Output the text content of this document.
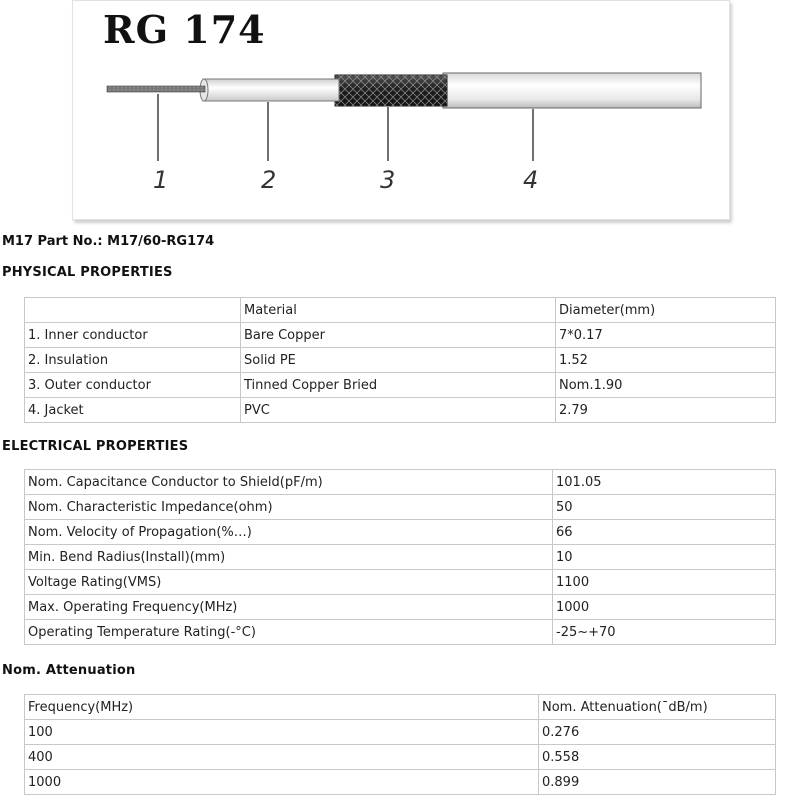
RG 174
1	2	3	4
M17 Part No.: M17/60-RG174
PHYSICAL PROPERTIES
	Material	Diameter(mm)
1. Inner conductor	Bare Copper	7*0.17
2. Insulation	Solid PE	1.52
3. Outer conductor	Tinned Copper Bried	Nom.1.90
4. Jacket	PVC	2.79
ELECTRICAL PROPERTIES
Nom. Capacitance Conductor to Shield(pF/m)	101.05
Nom. Characteristic Impedance(ohm)	50
Nom. Velocity of Propagation(%…)	66
Min. Bend Radius(Install)(mm)	10
Voltage Rating(VMS)	1100
Max. Operating Frequency(MHz)	1000
Operating Temperature Rating(-°C)	-25~+70
Nom. Attenuation
Frequency(MHz)	Nom. Attenuation(¯dB/m)
100	0.276
400	0.558
1000	0.899
